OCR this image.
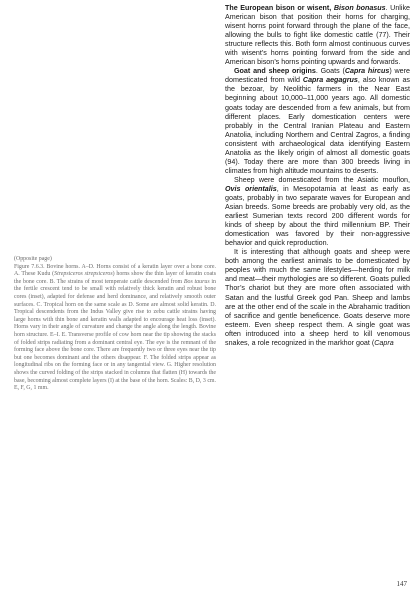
(Opposite page)

Figure 7.6.3. Bovine horns. A–D. Horns consist of a keratin layer over a bone core. A. These Kudu (Strepsiceros strepsiceros) horns show the thin layer of keratin coats the bone core. B. The strains of most temperate cattle descended from Bos taurus in the fertile crescent tend to be small with relatively thick keratin and robust bone cores (inset), adapted for defense and herd dominance, and relatively smooth outer surfaces. C. Tropical horn on the same scale as D. Some are almost solid keratin. D. Tropical descendents from the Indus Valley give rise to zebu cattle strains having large horns with thin bone and keratin walls adapted to encourage heat loss (inset). Horns vary in their angle of curvature and change the angle along the length. Bovine horn structure. E–I. E. Transverse profile of cow horn near the tip showing the stacks of folded strips radiating from a dominant central eye. The eye is the remnant of the forming face above the bone core. There are frequently two or three eyes near the tip but one becomes dominant and the others disappear. F. The folded strips appear as longitudinal ribs on the forming face or in any tangential view. G. Higher resolution shows the curved folding of the strips stacked in columns that flatten (H) towards the base, becoming almost complete layers (I) at the base of the horn. Scales: B, D, 3 cm. E, F, G, 1 mm.

The European bison or wisent, Bison bonasus. Unlike American bison that position their horns for charging, wisent horns point forward through the plane of the face, allowing the bulls to fight like domestic cattle (77). Their structure reflects this. Both form almost continuous curves with wisent’s horns pointing forward from the side and American bison’s horns pointing upwards and forwards.

Goat and sheep origins. Goats (Capra hircus) were domesticated from wild Capra aegagrus, also known as the bezoar, by Neolithic farmers in the Near East beginning about 10,000–11,000 years ago. All domestic goats today are descended from a few animals, but from different places. Early domestication centers were probably in the Central Iranian Plateau and Eastern Anatolia, including Northern and Central Zagros, a finding consistent with archaeological data identifying Eastern Anatolia as the likely origin of almost all domestic goats (94). Today there are more than 300 breeds living in climates from high altitude mountains to deserts.

Sheep were domesticated from the Asiatic mouflon, Ovis orientalis, in Mesopotamia at least as early as goats, probably in two separate waves for European and Asian breeds. Some breeds are probably very old, as the earliest Sumerian texts record 200 different words for kinds of sheep by about the third millennium BP. Their domestication was favored by their non-aggressive behavior and quick reproduction.

It is interesting that although goats and sheep were both among the earliest animals to be domesticated by peoples with much the same lifestyles—herding for milk and meat—their mythologies are so different. Goats pulled Thor’s chariot but they are more often associated with Satan and the lustful Greek god Pan. Sheep and lambs are at the other end of the scale in the Abrahamic tradition of sacrifice and gentle beneficence. Goats deserve more esteem. Even sheep respect them. A single goat was often introduced into a sheep herd to kill venomous snakes, a role recognized in the markhor goat (Capra

147
